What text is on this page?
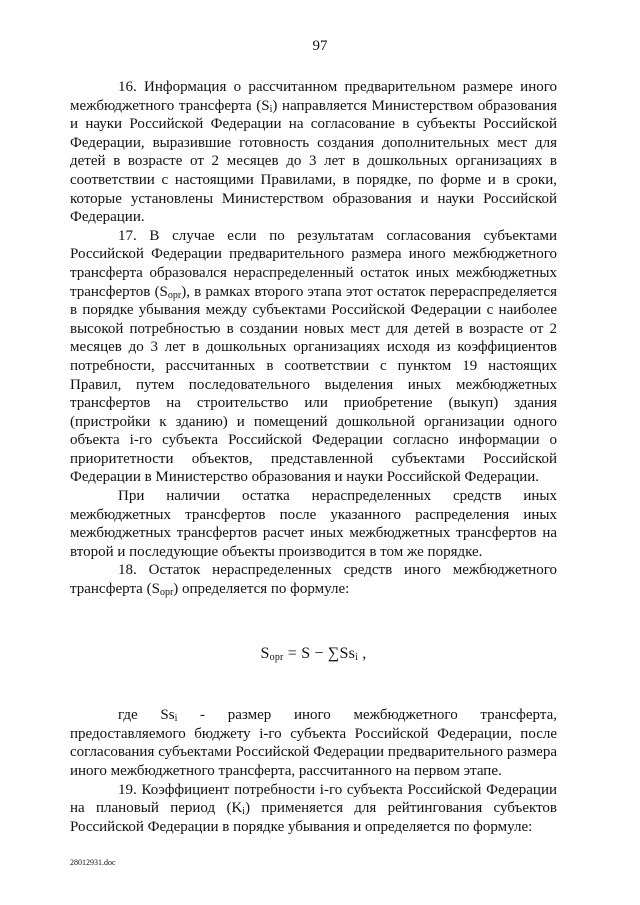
97

16. Информация о рассчитанном предварительном размере иного межбюджетного трансферта $(S_i)$ направляется Министерством образования и науки Российской Федерации на согласование в субъекты Российской Федерации, выразившие готовность создания дополнительных мест для детей в возрасте от 2 месяцев до 3 лет в дошкольных организациях в соответствии с настоящими Правилами, в порядке, по форме и в сроки, которые установлены Министерством образования и науки Российской Федерации.

17. В случае если по результатам согласования субъектами Российской Федерации предварительного размера иного межбюджетного трансферта образовался нераспределенный остаток иных межбюджетных трансфертов $(S_{opr})$, в рамках второго этапа этот остаток перераспределяется в порядке убывания между субъектами Российской Федерации с наиболее высокой потребностью в создании новых мест для детей в возрасте от 2 месяцев до 3 лет в дошкольных организациях исходя из коэффициентов потребности, рассчитанных в соответствии с пунктом 19 настоящих Правил, путем последовательного выделения иных межбюджетных трансфертов на строительство или приобретение (выкуп) здания (пристройки к зданию) и помещений дошкольной организации одного объекта i-го субъекта Российской Федерации согласно информации о приоритетности объектов, представленной субъектами Российской Федерации в Министерство образования и науки Российской Федерации.

При наличии остатка нераспределенных средств иных межбюджетных трансфертов после указанного распределения иных межбюджетных трансфертов расчет иных межбюджетных трансфертов на второй и последующие объекты производится в том же порядке.

18. Остаток нераспределенных средств иного межбюджетного трансферта $(S_{opr})$ определяется по формуле:

$S_{opr} = S - \sum Ss_i$ ,

где $Ss_i$ - размер иного межбюджетного трансферта, предоставляемого бюджету i-го субъекта Российской Федерации, после согласования субъектами Российской Федерации предварительного размера иного межбюджетного трансферта, рассчитанного на первом этапе.

19. Коэффициент потребности i-го субъекта Российской Федерации на плановый период $(K_i)$ применяется для рейтингования субъектов Российской Федерации в порядке убывания и определяется по формуле:

28012931.doc
